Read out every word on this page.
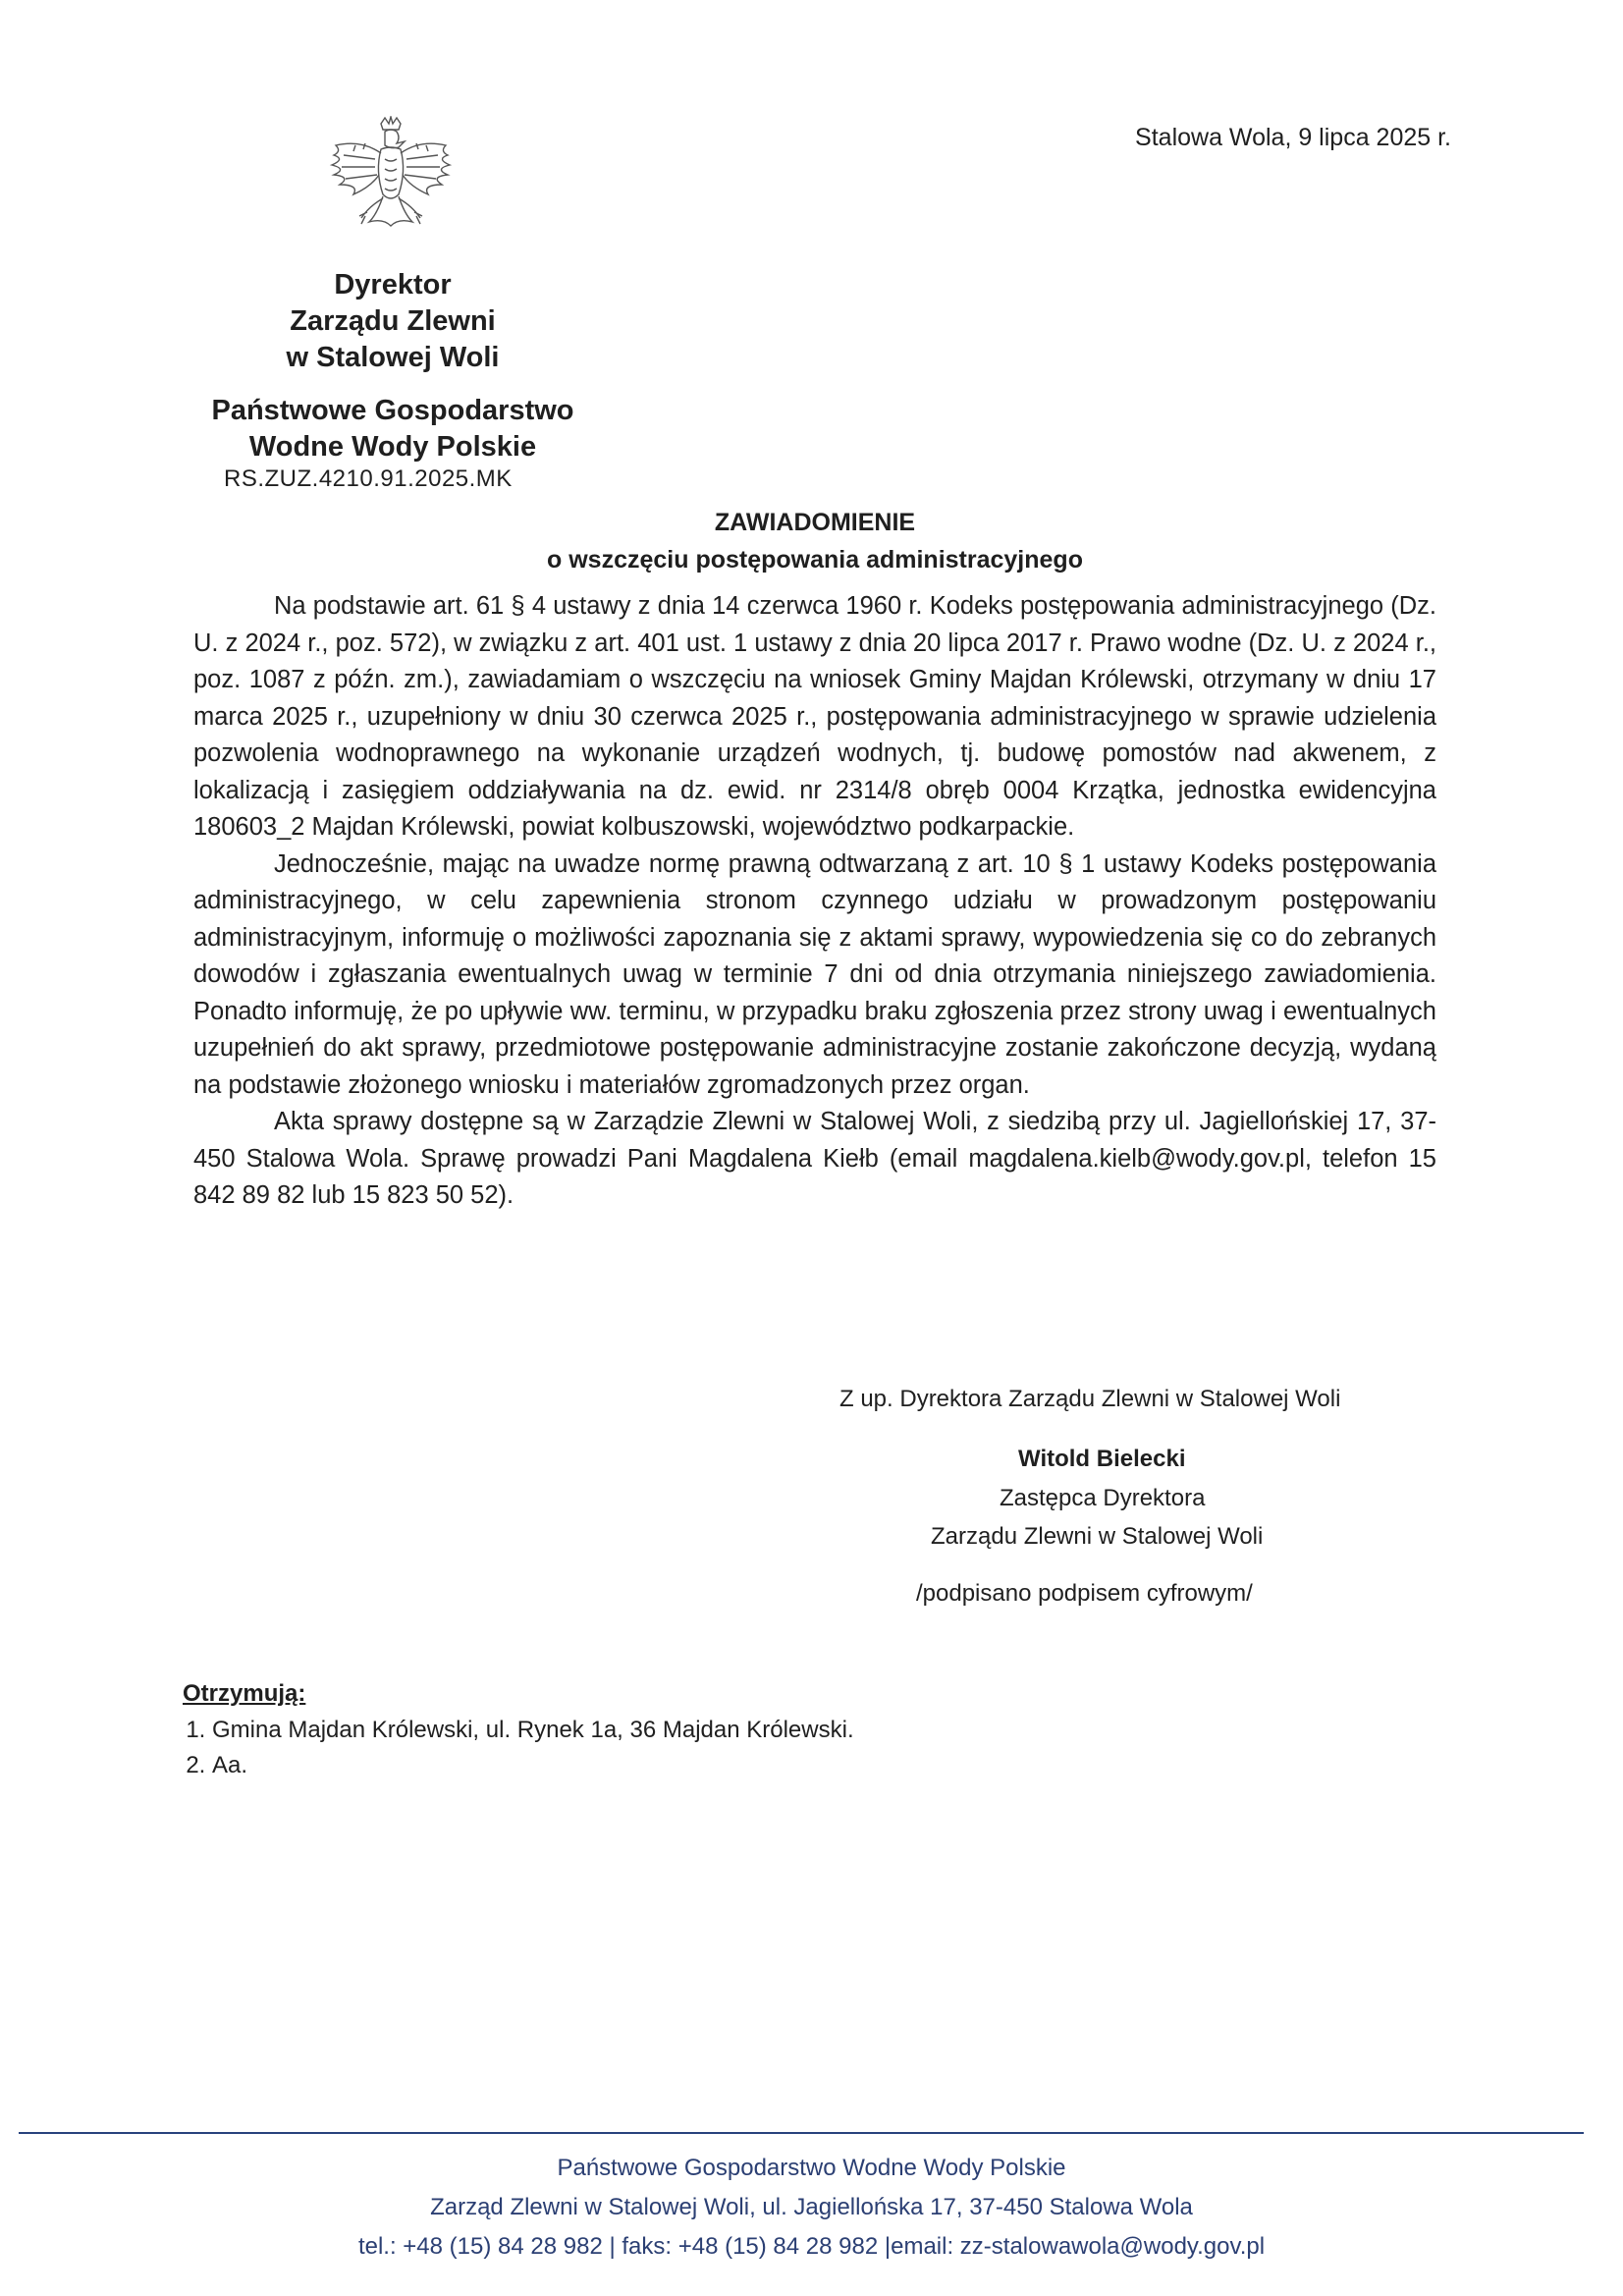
Stalowa Wola, 9 lipca 2025 r.
Dyrektor
Zarządu Zlewni
w Stalowej Woli
Państwowe Gospodarstwo
Wodne Wody Polskie
RS.ZUZ.4210.91.2025.MK
ZAWIADOMIENIE
o wszczęciu postępowania administracyjnego

Na podstawie art. 61 § 4 ustawy z dnia 14 czerwca 1960 r. Kodeks postępowania administracyjnego (Dz. U. z 2024 r., poz. 572), w związku z art. 401 ust. 1 ustawy z dnia 20 lipca 2017 r. Prawo wodne (Dz. U. z 2024 r., poz. 1087 z późn. zm.), zawiadamiam o wszczęciu na wniosek Gminy Majdan Królewski, otrzymany w dniu 17 marca 2025 r., uzupełniony w dniu 30 czerwca 2025 r., postępowania administracyjnego w sprawie udzielenia pozwolenia wodnoprawnego na wykonanie urządzeń wodnych, tj. budowę pomostów nad akwenem, z lokalizacją i zasięgiem oddziaływania na dz. ewid. nr 2314/8 obręb 0004 Krzątka, jednostka ewidencyjna 180603_2 Majdan Królewski, powiat kolbuszowski, województwo podkarpackie.

Jednocześnie, mając na uwadze normę prawną odtwarzaną z art. 10 § 1 ustawy Kodeks postępowania administracyjnego, w celu zapewnienia stronom czynnego udziału w prowadzonym postępowaniu administracyjnym, informuję o możliwości zapoznania się z aktami sprawy, wypowiedzenia się co do zebranych dowodów i zgłaszania ewentualnych uwag w terminie 7 dni od dnia otrzymania niniejszego zawiadomienia. Ponadto informuję, że po upływie ww. terminu, w przypadku braku zgłoszenia przez strony uwag i ewentualnych uzupełnień do akt sprawy, przedmiotowe postępowanie administracyjne zostanie zakończone decyzją, wydaną na podstawie złożonego wniosku i materiałów zgromadzonych przez organ.

Akta sprawy dostępne są w Zarządzie Zlewni w Stalowej Woli, z siedzibą przy ul. Jagiellońskiej 17, 37-450 Stalowa Wola. Sprawę prowadzi Pani Magdalena Kiełb (email magdalena.kielb@wody.gov.pl, telefon 15 842 89 82 lub 15 823 50 52).

Z up. Dyrektora Zarządu Zlewni w Stalowej Woli
Witold Bielecki
Zastępca Dyrektora
Zarządu Zlewni w Stalowej Woli
/podpisano podpisem cyfrowym/
Otrzymują:
1. Gmina Majdan Królewski, ul. Rynek 1a, 36 Majdan Królewski.
2. Aa.
Państwowe Gospodarstwo Wodne Wody Polskie
Zarząd Zlewni w Stalowej Woli, ul. Jagiellońska 17, 37-450 Stalowa Wola
tel.: +48 (15) 84 28 982 | faks: +48 (15) 84 28 982 |email: zz-stalowawola@wody.gov.pl
